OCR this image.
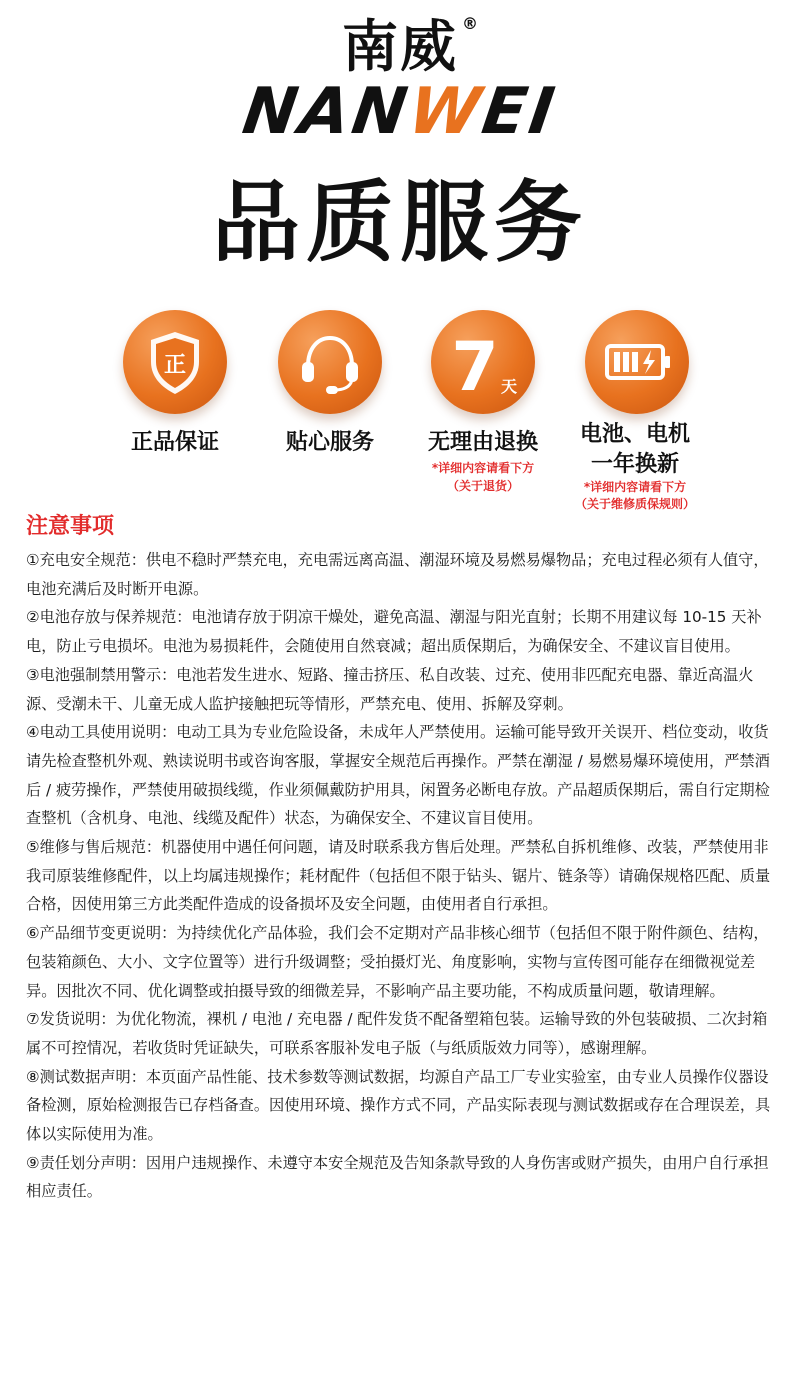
南威 ®
NANWEI
品质服务
正	7 天
正品保证	贴心服务	无理由退换
*详细内容请看下方
（关于退货）
电池、电机
一年换新
*详细内容请看下方
（关于维修质保规则）
注意事项
①充电安全规范：供电不稳时严禁充电，充电需远离高温、潮湿环境及易燃易爆物品；充电过程必须有人值守，电池充满后及时断开电源。
②电池存放与保养规范：电池请存放于阴凉干燥处，避免高温、潮湿与阳光直射；长期不用建议每 10-15 天补电，防止亏电损坏。电池为易损耗件，会随使用自然衰减；超出质保期后，为确保安全、不建议盲目使用。
③电池强制禁用警示：电池若发生进水、短路、撞击挤压、私自改装、过充、使用非匹配充电器、靠近高温火源、受潮未干、儿童无成人监护接触把玩等情形，严禁充电、使用、拆解及穿刺。
④电动工具使用说明：电动工具为专业危险设备，未成年人严禁使用。运输可能导致开关误开、档位变动，收货请先检查整机外观、熟读说明书或咨询客服，掌握安全规范后再操作。严禁在潮湿 / 易燃易爆环境使用，严禁酒后 / 疲劳操作，严禁使用破损线缆，作业须佩戴防护用具，闲置务必断电存放。产品超质保期后，需自行定期检查整机（含机身、电池、线缆及配件）状态，为确保安全、不建议盲目使用。
⑤维修与售后规范：机器使用中遇任何问题，请及时联系我方售后处理。严禁私自拆机维修、改装，严禁使用非我司原装维修配件，以上均属违规操作；耗材配件（包括但不限于钻头、锯片、链条等）请确保规格匹配、质量合格，因使用第三方此类配件造成的设备损坏及安全问题，由使用者自行承担。
⑥产品细节变更说明：为持续优化产品体验，我们会不定期对产品非核心细节（包括但不限于附件颜色、结构，包装箱颜色、大小、文字位置等）进行升级调整；受拍摄灯光、角度影响，实物与宣传图可能存在细微视觉差异。因批次不同、优化调整或拍摄导致的细微差异，不影响产品主要功能，不构成质量问题，敬请理解。
⑦发货说明：为优化物流，裸机 / 电池 / 充电器 / 配件发货不配备塑箱包装。运输导致的外包装破损、二次封箱属不可控情况，若收货时凭证缺失，可联系客服补发电子版（与纸质版效力同等），感谢理解。
⑧测试数据声明：本页面产品性能、技术参数等测试数据，均源自产品工厂专业实验室，由专业人员操作仪器设备检测，原始检测报告已存档备查。因使用环境、操作方式不同，产品实际表现与测试数据或存在合理误差，具体以实际使用为准。
⑨责任划分声明：因用户违规操作、未遵守本安全规范及告知条款导致的人身伤害或财产损失，由用户自行承担相应责任。
